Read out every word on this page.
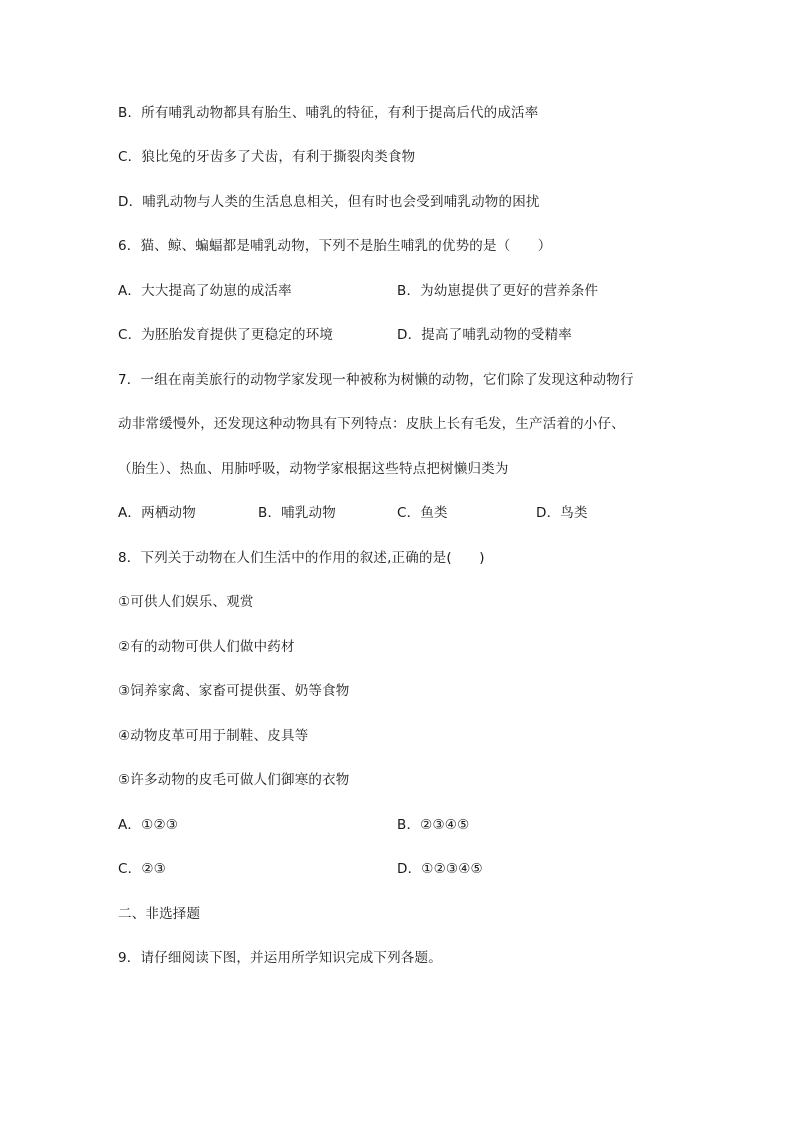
B．所有哺乳动物都具有胎生、哺乳的特征，有利于提高后代的成活率
C．狼比兔的牙齿多了犬齿，有利于撕裂肉类食物
D．哺乳动物与人类的生活息息相关，但有时也会受到哺乳动物的困扰
6．猫、鲸、蝙蝠都是哺乳动物，下列不是胎生哺乳的优势的是（　　）
A．大大提高了幼崽的成活率	B．为幼崽提供了更好的营养条件
C．为胚胎发育提供了更稳定的环境	D．提高了哺乳动物的受精率
7．一组在南美旅行的动物学家发现一种被称为树懒的动物，它们除了发现这种动物行
动非常缓慢外，还发现这种动物具有下列特点：皮肤上长有毛发，生产活着的小仔、
（胎生）、热血、用肺呼吸，动物学家根据这些特点把树懒归类为
A．两栖动物	B．哺乳动物	C．鱼类	D．鸟类
8．下列关于动物在人们生活中的作用的叙述,正确的是(　　)
①可供人们娱乐、观赏
②有的动物可供人们做中药材
③饲养家禽、家畜可提供蛋、奶等食物
④动物皮革可用于制鞋、皮具等
⑤许多动物的皮毛可做人们御寒的衣物
A．①②③	B．②③④⑤
C．②③	D．①②③④⑤
二、非选择题
9．请仔细阅读下图，并运用所学知识完成下列各题。
